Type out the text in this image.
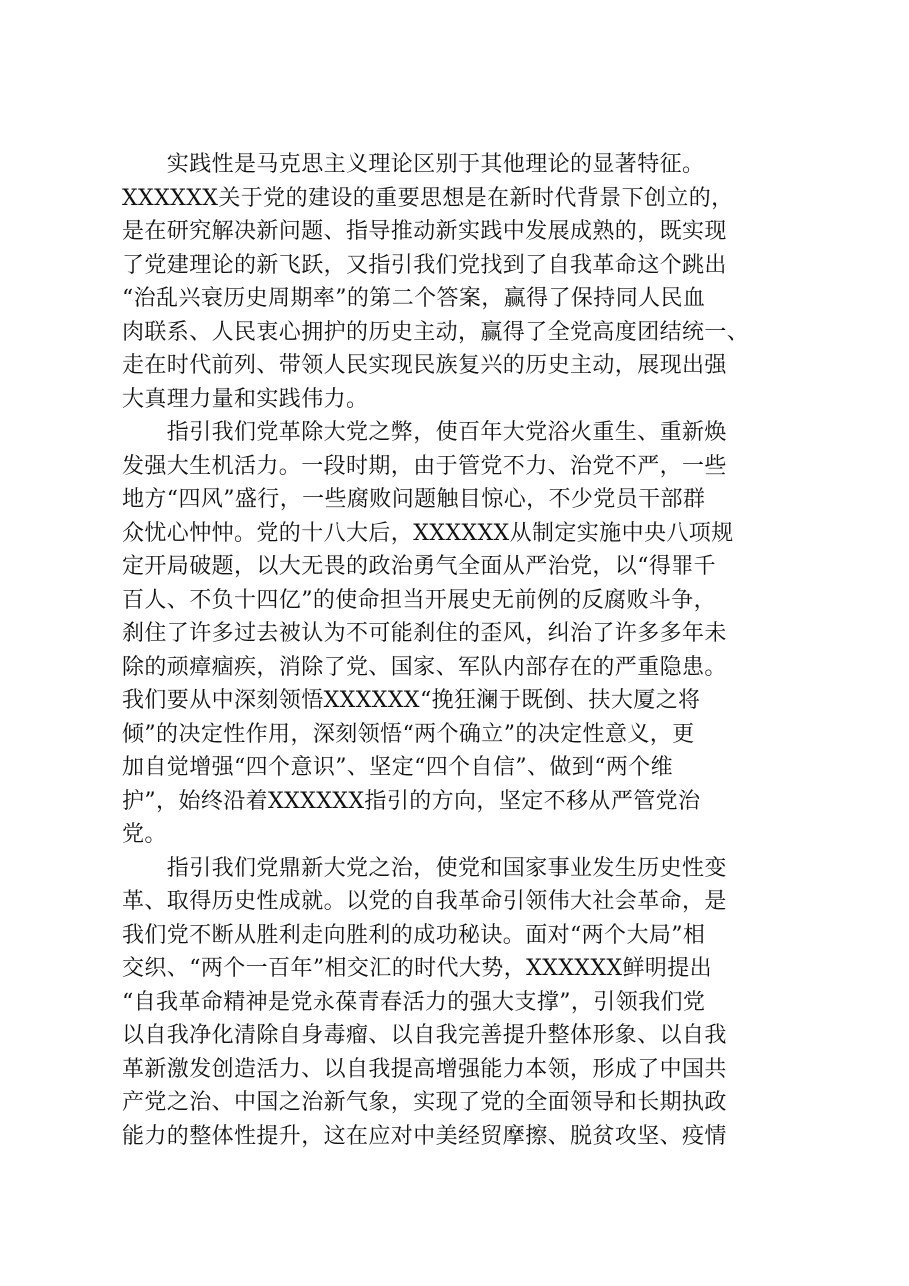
　　实践性是马克思主义理论区别于其他理论的显著特征。
XXXXXX关于党的建设的重要思想是在新时代背景下创立的，
是在研究解决新问题、指导推动新实践中发展成熟的，既实现
了党建理论的新飞跃，又指引我们党找到了自我革命这个跳出
“治乱兴衰历史周期率”的第二个答案，赢得了保持同人民血
肉联系、人民衷心拥护的历史主动，赢得了全党高度团结统一、
走在时代前列、带领人民实现民族复兴的历史主动，展现出强
大真理力量和实践伟力。
　　指引我们党革除大党之弊，使百年大党浴火重生、重新焕
发强大生机活力。一段时期，由于管党不力、治党不严，一些
地方“四风”盛行，一些腐败问题触目惊心，不少党员干部群
众忧心忡忡。党的十八大后，XXXXXX从制定实施中央八项规
定开局破题，以大无畏的政治勇气全面从严治党，以“得罪千
百人、不负十四亿”的使命担当开展史无前例的反腐败斗争，
刹住了许多过去被认为不可能刹住的歪风，纠治了许多多年未
除的顽瘴痼疾，消除了党、国家、军队内部存在的严重隐患。
我们要从中深刻领悟XXXXXX“挽狂澜于既倒、扶大厦之将
倾”的决定性作用，深刻领悟“两个确立”的决定性意义，更
加自觉增强“四个意识”、坚定“四个自信”、做到“两个维
护”，始终沿着XXXXXX指引的方向，坚定不移从严管党治
党。
　　指引我们党鼎新大党之治，使党和国家事业发生历史性变
革、取得历史性成就。以党的自我革命引领伟大社会革命，是
我们党不断从胜利走向胜利的成功秘诀。面对“两个大局”相
交织、“两个一百年”相交汇的时代大势，XXXXXX鲜明提出
“自我革命精神是党永葆青春活力的强大支撑”，引领我们党
以自我净化清除自身毒瘤、以自我完善提升整体形象、以自我
革新激发创造活力、以自我提高增强能力本领，形成了中国共
产党之治、中国之治新气象，实现了党的全面领导和长期执政
能力的整体性提升，这在应对中美经贸摩擦、脱贫攻坚、疫情
